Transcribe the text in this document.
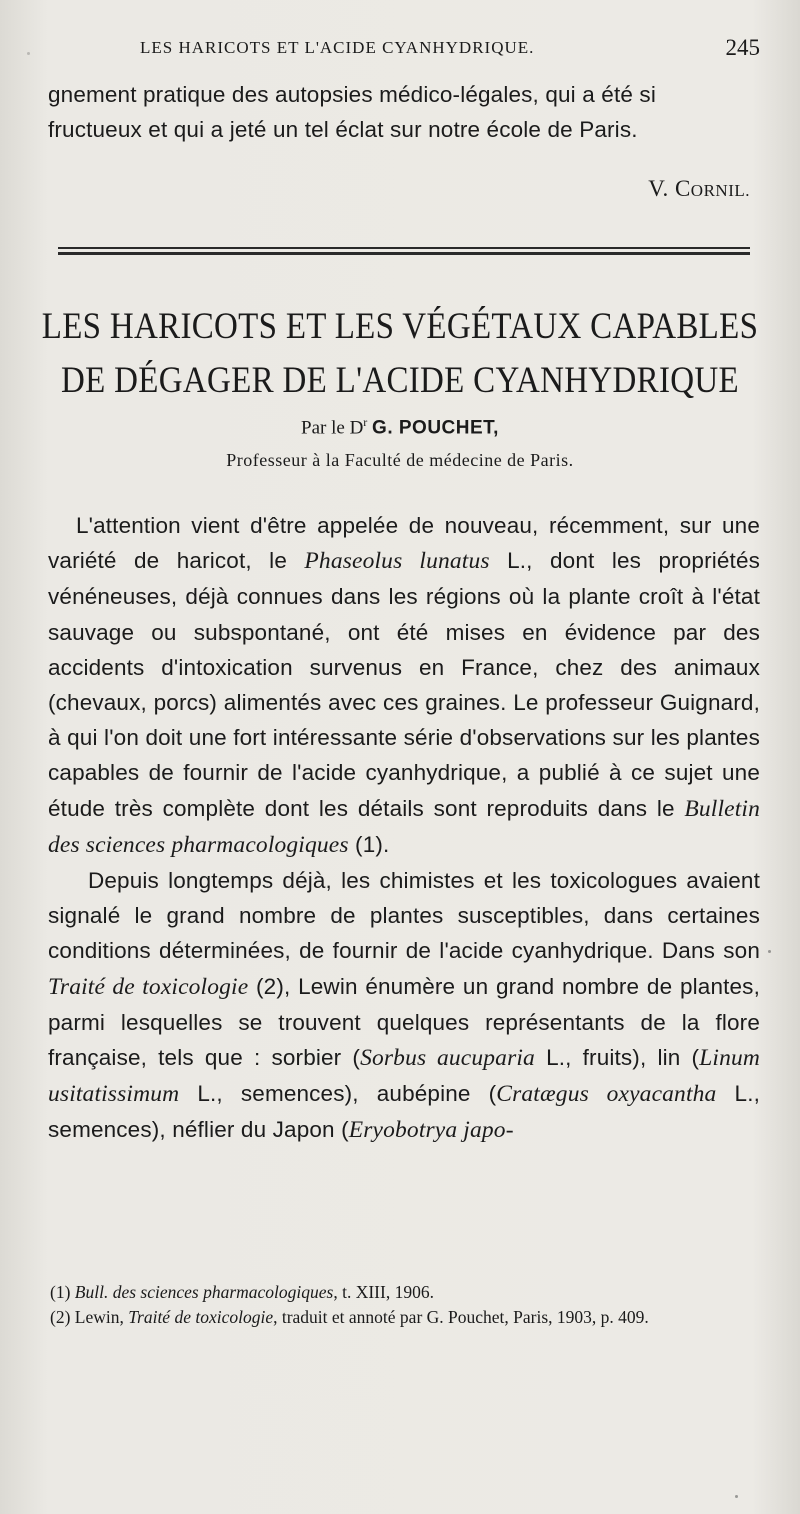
LES HARICOTS ET L'ACIDE CYANHYDRIQUE.	245

gnement pratique des autopsies médico-légales, qui a été si

fructueux et qui a jeté un tel éclat sur notre école de Paris.

V. CORNIL.
LES HARICOTS ET LES VÉGÉTAUX CAPABLES
DE DÉGAGER DE L'ACIDE CYANHYDRIQUE
Par le $D^r$ G. POUCHET,
Professeur à la Faculté de médecine de Paris.

L'attention vient d'être appelée de nouveau, récemment, sur une variété de haricot, le Phaseolus lunatus L., dont les propriétés vénéneuses, déjà connues dans les régions où la plante croît à l'état sauvage ou subspontané, ont été mises en évidence par des accidents d'intoxication survenus en France, chez des animaux (chevaux, porcs) alimentés avec ces graines. Le professeur Guignard, à qui l'on doit une fort intéressante série d'observations sur les plantes capables de fournir de l'acide cyanhydrique, a publié à ce sujet une étude très complète dont les détails sont reproduits dans le Bulletin des sciences pharmacologiques (1).

Depuis longtemps déjà, les chimistes et les toxicologues avaient signalé le grand nombre de plantes susceptibles, dans certaines conditions déterminées, de fournir de l'acide cyanhydrique. Dans son Traité de toxicologie (2), Lewin énumère un grand nombre de plantes, parmi lesquelles se trouvent quelques représentants de la flore française, tels que : sorbier (Sorbus aucuparia L., fruits), lin (Linum usitatissimum L., semences), aubépine (Cratægus oxyacantha L., semences), néflier du Japon (Eryobotrya japo-

(1) Bull. des sciences pharmacologiques, t. XIII, 1906.

(2) Lewin, Traité de toxicologie, traduit et annoté par G. Pouchet, Paris, 1903, p. 409.
